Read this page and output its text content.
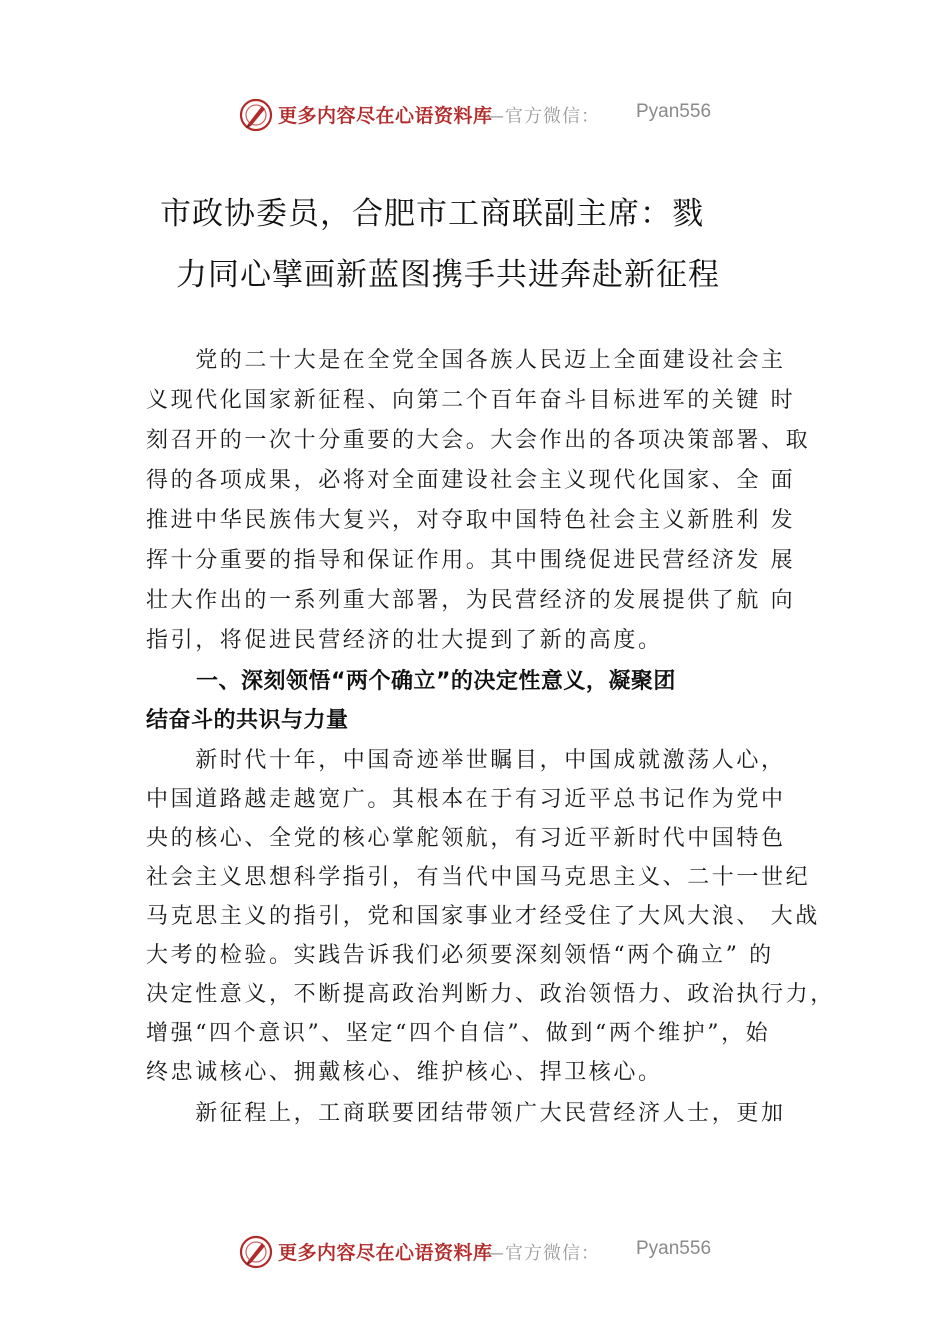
更多内容尽在心语资料库
—官方微信： Pyan556
市政协委员，合肥市工商联副主席：戮
力同心擘画新蓝图携手共进奔赴新征程
　　党的二十大是在全党全国各族人民迈上全面建设社会主
义现代化国家新征程、向第二个百年奋斗目标进军的关键 时
刻召开的一次十分重要的大会。大会作出的各项决策部署、取
得的各项成果，必将对全面建设社会主义现代化国家、全 面
推进中华民族伟大复兴，对夺取中国特色社会主义新胜利 发
挥十分重要的指导和保证作用。其中围绕促进民营经济发 展
壮大作出的一系列重大部署，为民营经济的发展提供了航 向
指引，将促进民营经济的壮大提到了新的高度。
一、深刻领悟“两个确立”的决定性意义，凝聚团
结奋斗的共识与力量
　　新时代十年，中国奇迹举世瞩目，中国成就激荡人心，
中国道路越走越宽广。其根本在于有习近平总书记作为党中
央的核心、全党的核心掌舵领航，有习近平新时代中国特色
社会主义思想科学指引，有当代中国马克思主义、二十一世纪
马克思主义的指引，党和国家事业才经受住了大风大浪、 大战
大考的检验。实践告诉我们必须要深刻领悟“两个确立” 的
决定性意义，不断提高政治判断力、政治领悟力、政治执行力，
增强“四个意识”、坚定“四个自信”、做到“两个维护”，始
终忠诚核心、拥戴核心、维护核心、捍卫核心。
　　新征程上，工商联要团结带领广大民营经济人士，更加
更多内容尽在心语资料库
—官方微信： Pyan556
